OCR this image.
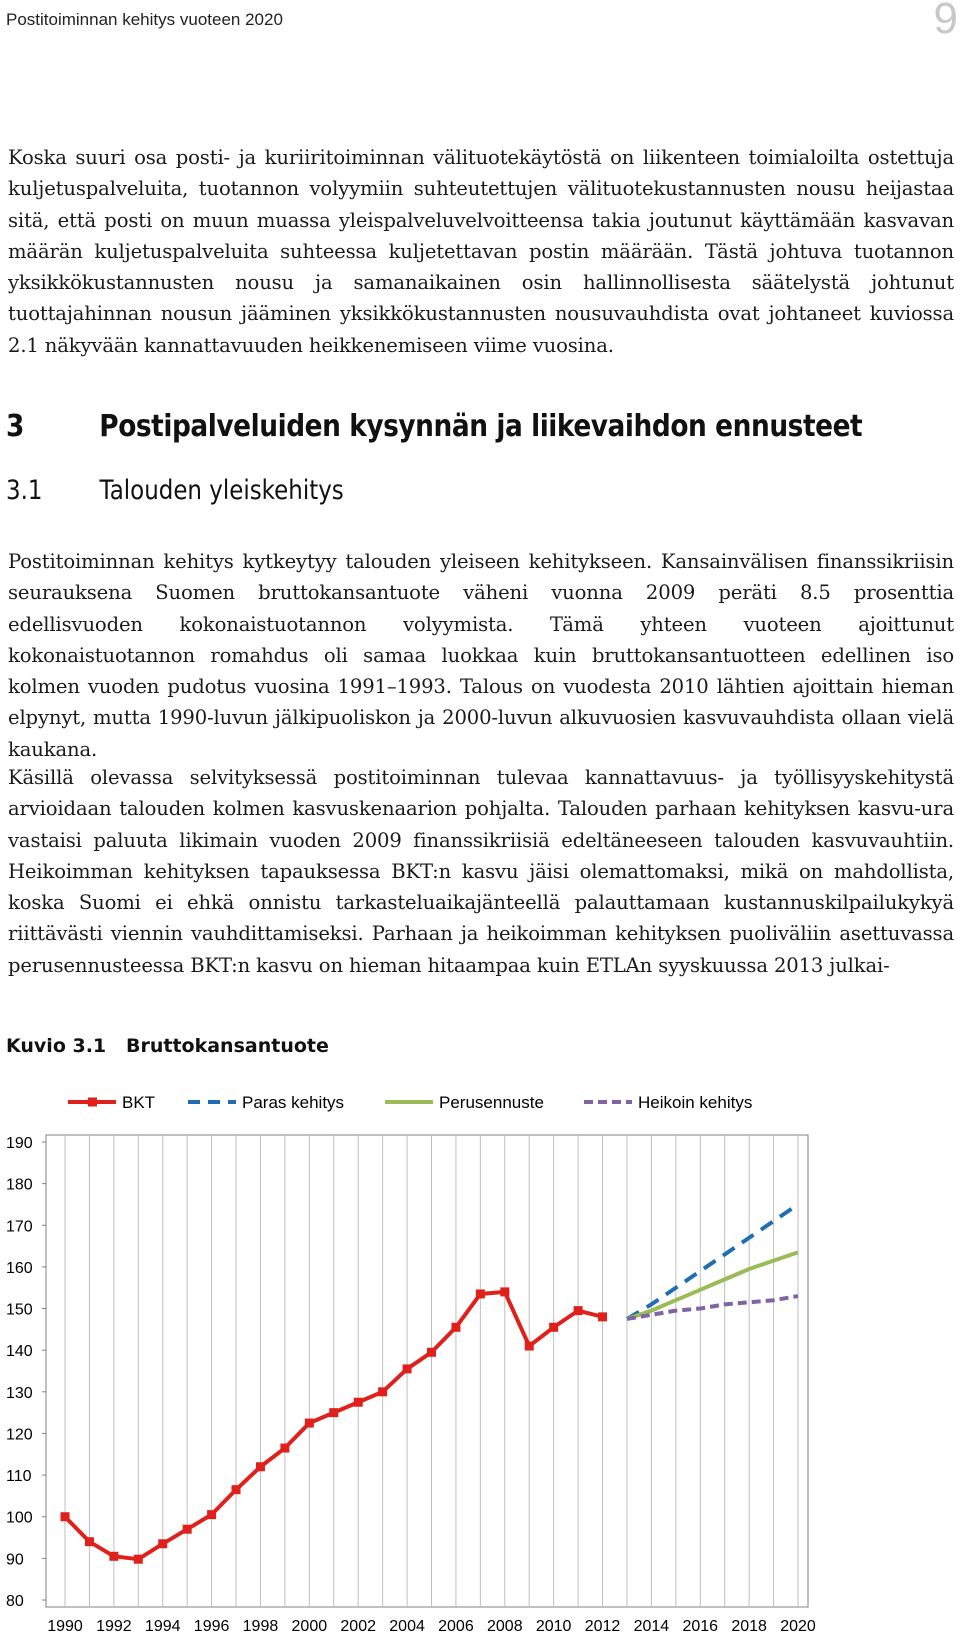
Postitoiminnan kehitys vuoteen 2020	9

Koska suuri osa posti- ja kuriiritoiminnan välituotekäytöstä on liikenteen toimialoilta ostettuja kuljetuspalveluita, tuotannon volyymiin suhteutettujen välituotekustannusten nousu heijastaa sitä, että posti on muun muassa yleispalveluvelvoitteensa takia joutunut käyttämään kasvavan määrän kuljetuspalveluita suhteessa kuljetettavan postin määrään. Tästä johtuva tuotannon yksikkökustannusten nousu ja samanaikainen osin hallinnollisesta säätelystä johtunut tuottajahinnan nousun jääminen yksikkökustannusten nousuvauhdista ovat johtaneet kuviossa 2.1 näkyvään kannattavuuden heikkenemiseen viime vuosina.

3	Postipalveluiden kysynnän ja liikevaihdon ennusteet
3.1 Talouden yleiskehitys

Postitoiminnan kehitys kytkeytyy talouden yleiseen kehitykseen. Kansainvälisen finanssikriisin seurauksena Suomen bruttokansantuote väheni vuonna 2009 peräti 8.5 prosenttia edellisvuoden kokonaistuotannon volyymista. Tämä yhteen vuoteen ajoittunut kokonaistuotannon romahdus oli samaa luokkaa kuin bruttokansantuotteen edellinen iso kolmen vuoden pudotus vuosina 1991–1993. Talous on vuodesta 2010 lähtien ajoittain hieman elpynyt, mutta 1990-luvun jälkipuoliskon ja 2000-luvun alkuvuosien kasvuvauhdista ollaan vielä kaukana.

Käsillä olevassa selvityksessä postitoiminnan tulevaa kannattavuus- ja työllisyyskehitystä arvioidaan talouden kolmen kasvuskenaarion pohjalta. Talouden parhaan kehityksen kasvu-ura vastaisi paluuta likimain vuoden 2009 finanssikriisiä edeltäneeseen talouden kasvuvauhtiin. Heikoimman kehityksen tapauksessa BKT:n kasvu jäisi olemattomaksi, mikä on mahdollista, koska Suomi ei ehkä onnistu tarkasteluaikajänteellä palauttamaan kustannuskilpailukykyä riittävästi viennin vauhdittamiseksi. Parhaan ja heikoimman kehityksen puoliväliin asettuvassa perusennusteessa BKT:n kasvu on hieman hitaampaa kuin ETLAn syyskuussa 2013 julkai-

Kuvio 3.1 Bruttokansantuote
80
90
100
110
120
130
140
150
160
170
180
190
1990 1992 1994 1996 1998 2000 2002 2004 2006 2008 2010 2012 2014 2016 2018 2020
BKT	Paras kehitys	Perusennuste	Heikoin kehitys
